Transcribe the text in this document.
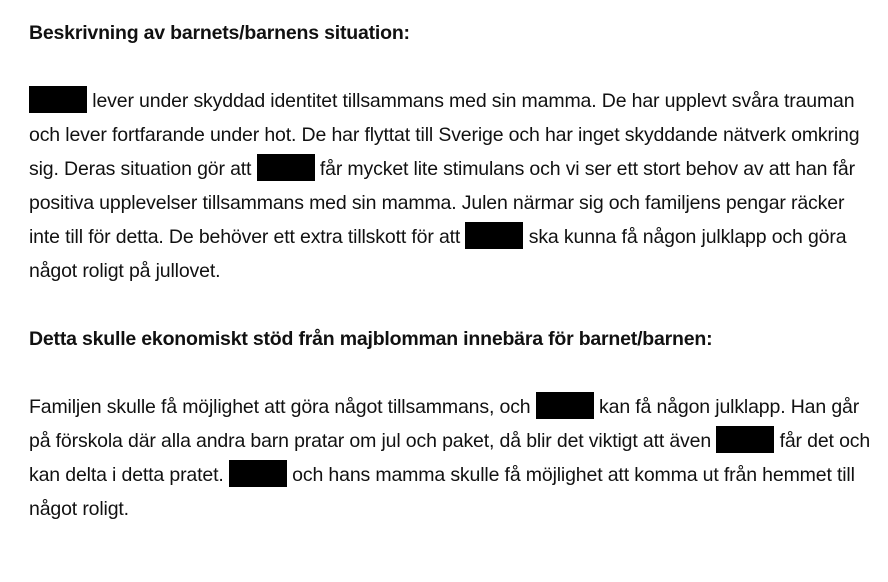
Beskrivning av barnets/barnens situation:

lever under skyddad identitet tillsammans med sin mamma. De har upplevt svåra trauman och lever fortfarande under hot. De har flyttat till Sverige och har inget skyddande nätverk omkring sig. Deras situation gör att	får mycket lite stimulans och vi ser ett stort behov av att han får positiva upplevelser tillsammans med sin mamma. Julen närmar sig och familjens pengar räcker inte till för detta. De behöver ett extra tillskott för att	ska kunna få någon julklapp och göra något roligt på jullovet.

Detta skulle ekonomiskt stöd från majblomman innebära för barnet/barnen:

Familjen skulle få möjlighet att göra något tillsammans, och	kan få någon julklapp. Han går på förskola där alla andra barn pratar om jul och paket, då blir det viktigt att även	får det och kan delta i detta pratet.	och hans mamma skulle få möjlighet att komma ut från hemmet till något roligt.
